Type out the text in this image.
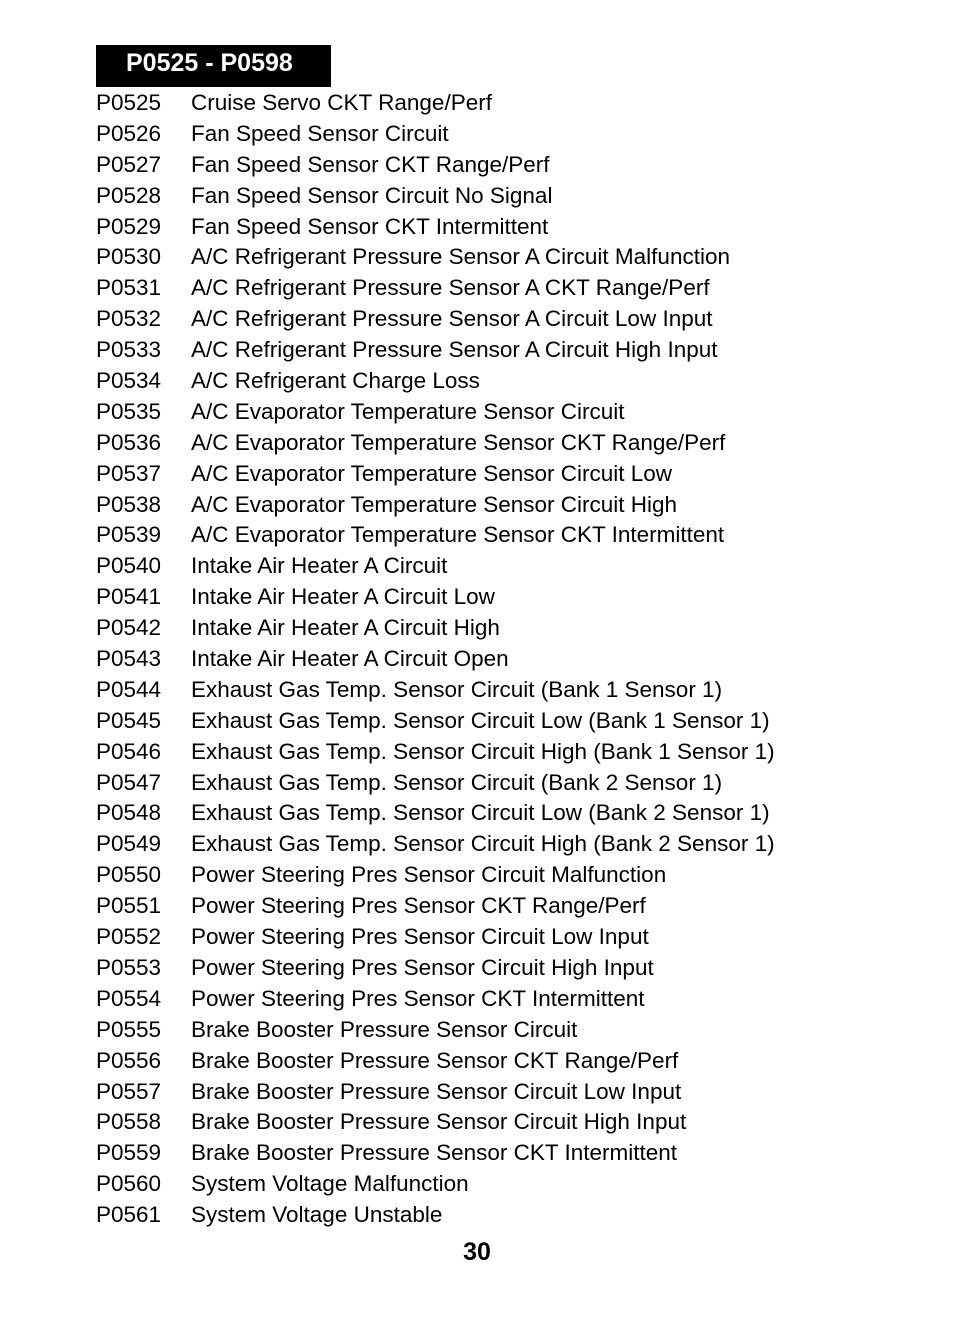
P0525 - P0598
P0525	Cruise Servo CKT Range/Perf
P0526	Fan Speed Sensor Circuit
P0527	Fan Speed Sensor CKT Range/Perf
P0528	Fan Speed Sensor Circuit No Signal
P0529	Fan Speed Sensor CKT Intermittent
P0530	A/C Refrigerant Pressure Sensor A Circuit Malfunction
P0531	A/C Refrigerant Pressure Sensor A CKT Range/Perf
P0532	A/C Refrigerant Pressure Sensor A Circuit Low Input
P0533	A/C Refrigerant Pressure Sensor A Circuit High Input
P0534	A/C Refrigerant Charge Loss
P0535	A/C Evaporator Temperature Sensor Circuit
P0536	A/C Evaporator Temperature Sensor CKT Range/Perf
P0537	A/C Evaporator Temperature Sensor Circuit Low
P0538	A/C Evaporator Temperature Sensor Circuit High
P0539	A/C Evaporator Temperature Sensor CKT Intermittent
P0540	Intake Air Heater A Circuit
P0541	Intake Air Heater A Circuit Low
P0542	Intake Air Heater A Circuit High
P0543	Intake Air Heater A Circuit Open
P0544	Exhaust Gas Temp. Sensor Circuit (Bank 1 Sensor 1)
P0545	Exhaust Gas Temp. Sensor Circuit Low (Bank 1 Sensor 1)
P0546	Exhaust Gas Temp. Sensor Circuit High (Bank 1 Sensor 1)
P0547	Exhaust Gas Temp. Sensor Circuit (Bank 2 Sensor 1)
P0548	Exhaust Gas Temp. Sensor Circuit Low (Bank 2 Sensor 1)
P0549	Exhaust Gas Temp. Sensor Circuit High (Bank 2 Sensor 1)
P0550	Power Steering Pres Sensor Circuit Malfunction
P0551	Power Steering Pres Sensor CKT Range/Perf
P0552	Power Steering Pres Sensor Circuit Low Input
P0553	Power Steering Pres Sensor Circuit High Input
P0554	Power Steering Pres Sensor CKT Intermittent
P0555	Brake Booster Pressure Sensor Circuit
P0556	Brake Booster Pressure Sensor CKT Range/Perf
P0557	Brake Booster Pressure Sensor Circuit Low Input
P0558	Brake Booster Pressure Sensor Circuit High Input
P0559	Brake Booster Pressure Sensor CKT Intermittent
P0560	System Voltage Malfunction
P0561	System Voltage Unstable
30
